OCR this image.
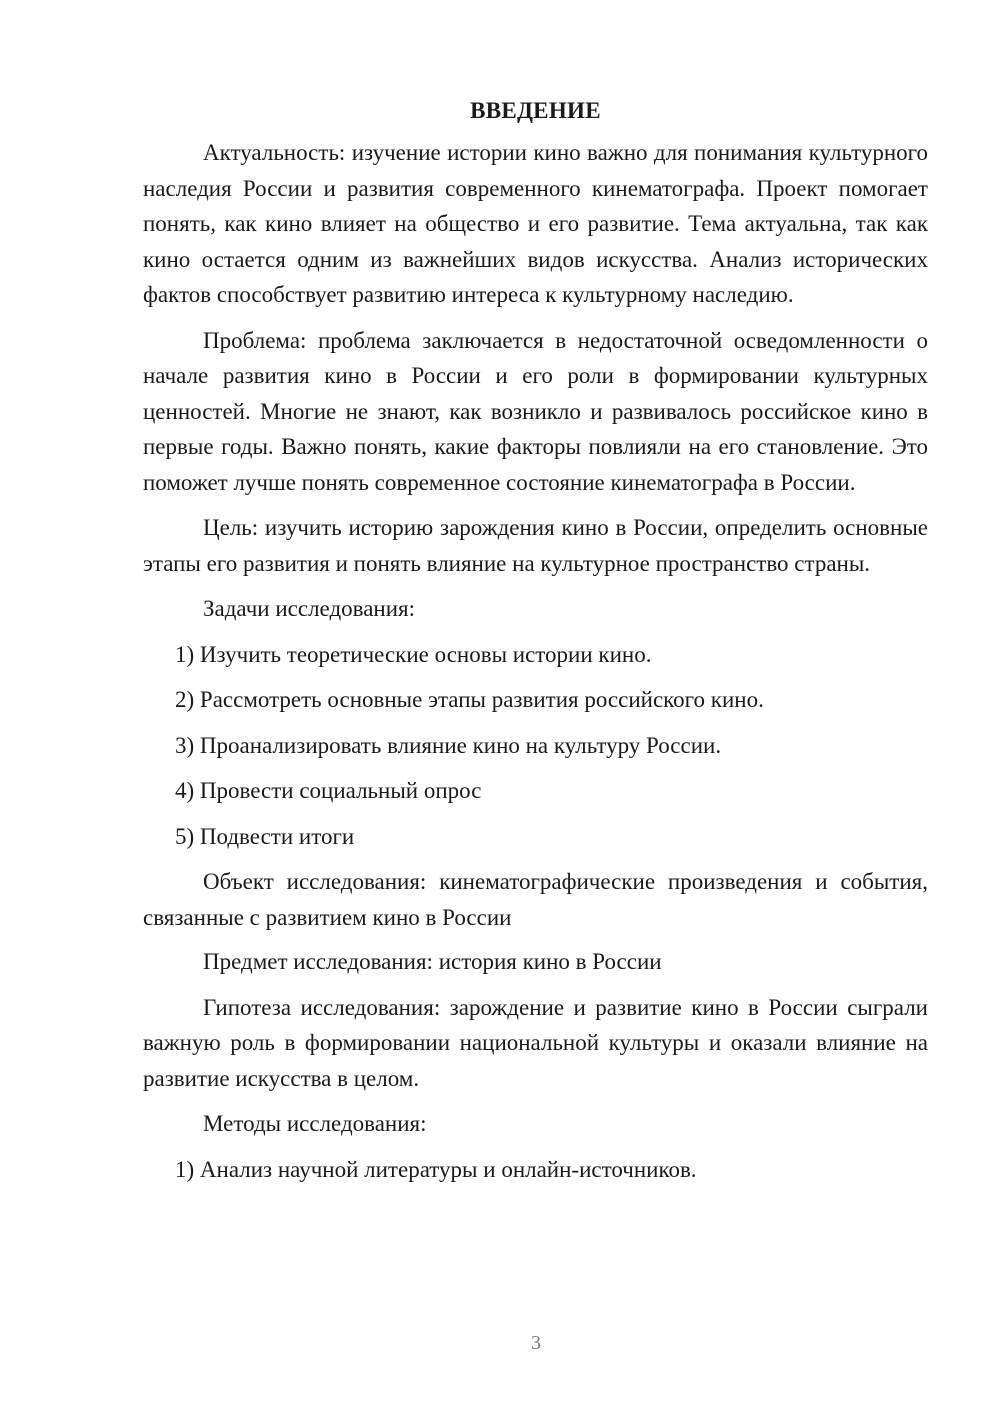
ВВЕДЕНИЕ

Актуальность: изучение истории кино важно для понимания культурного наследия России и развития современного кинематографа. Проект помогает понять, как кино влияет на общество и его развитие. Тема актуальна, так как кино остается одним из важнейших видов искусства. Анализ исторических фактов способствует развитию интереса к культурному наследию.

Проблема: проблема заключается в недостаточной осведомленности о начале развития кино в России и его роли в формировании культурных ценностей. Многие не знают, как возникло и развивалось российское кино в первые годы. Важно понять, какие факторы повлияли на его становление. Это поможет лучше понять современное состояние кинематографа в России.

Цель: изучить историю зарождения кино в России, определить основные этапы его развития и понять влияние на культурное пространство страны.

Задачи исследования:

1) Изучить теоретические основы истории кино.
2) Рассмотреть основные этапы развития российского кино.
3) Проанализировать влияние кино на культуру России.
4) Провести социальный опрос
5) Подвести итоги

Объект исследования: кинематографические произведения и события, связанные с развитием кино в России

Предмет исследования: история кино в России

Гипотеза исследования: зарождение и развитие кино в России сыграли важную роль в формировании национальной культуры и оказали влияние на развитие искусства в целом.

Методы исследования:

1) Анализ научной литературы и онлайн-источников.
3
